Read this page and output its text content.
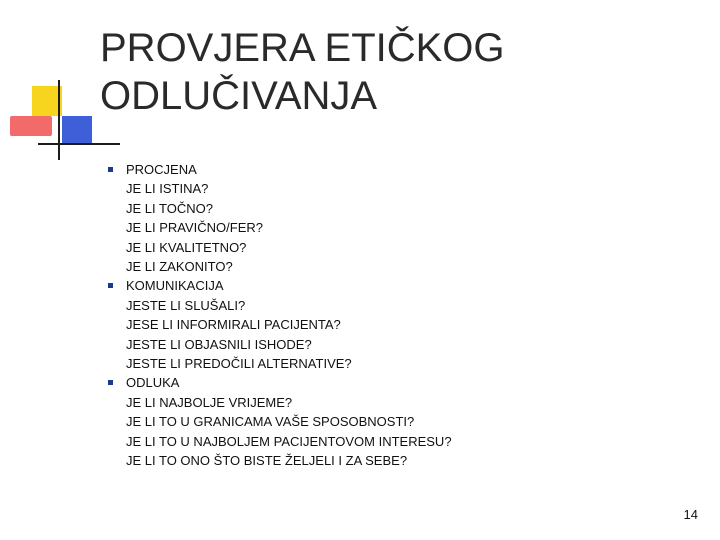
PROVJERA ETIČKOG
ODLUČIVANJA
PROCJENA
JE LI ISTINA?
JE LI TOČNO?
JE LI PRAVIČNO/FER?
JE LI KVALITETNO?
JE LI ZAKONITO?
KOMUNIKACIJA
JESTE LI SLUŠALI?
JESE LI INFORMIRALI PACIJENTA?
JESTE LI OBJASNILI ISHODE?
JESTE LI PREDOČILI ALTERNATIVE?
ODLUKA
JE LI NAJBOLJE VRIJEME?
JE LI TO U GRANICAMA VAŠE SPOSOBNOSTI?
JE LI TO U NAJBOLJEM PACIJENTOVOM INTERESU?
JE LI TO ONO ŠTO BISTE ŽELJELI I ZA SEBE?
14
